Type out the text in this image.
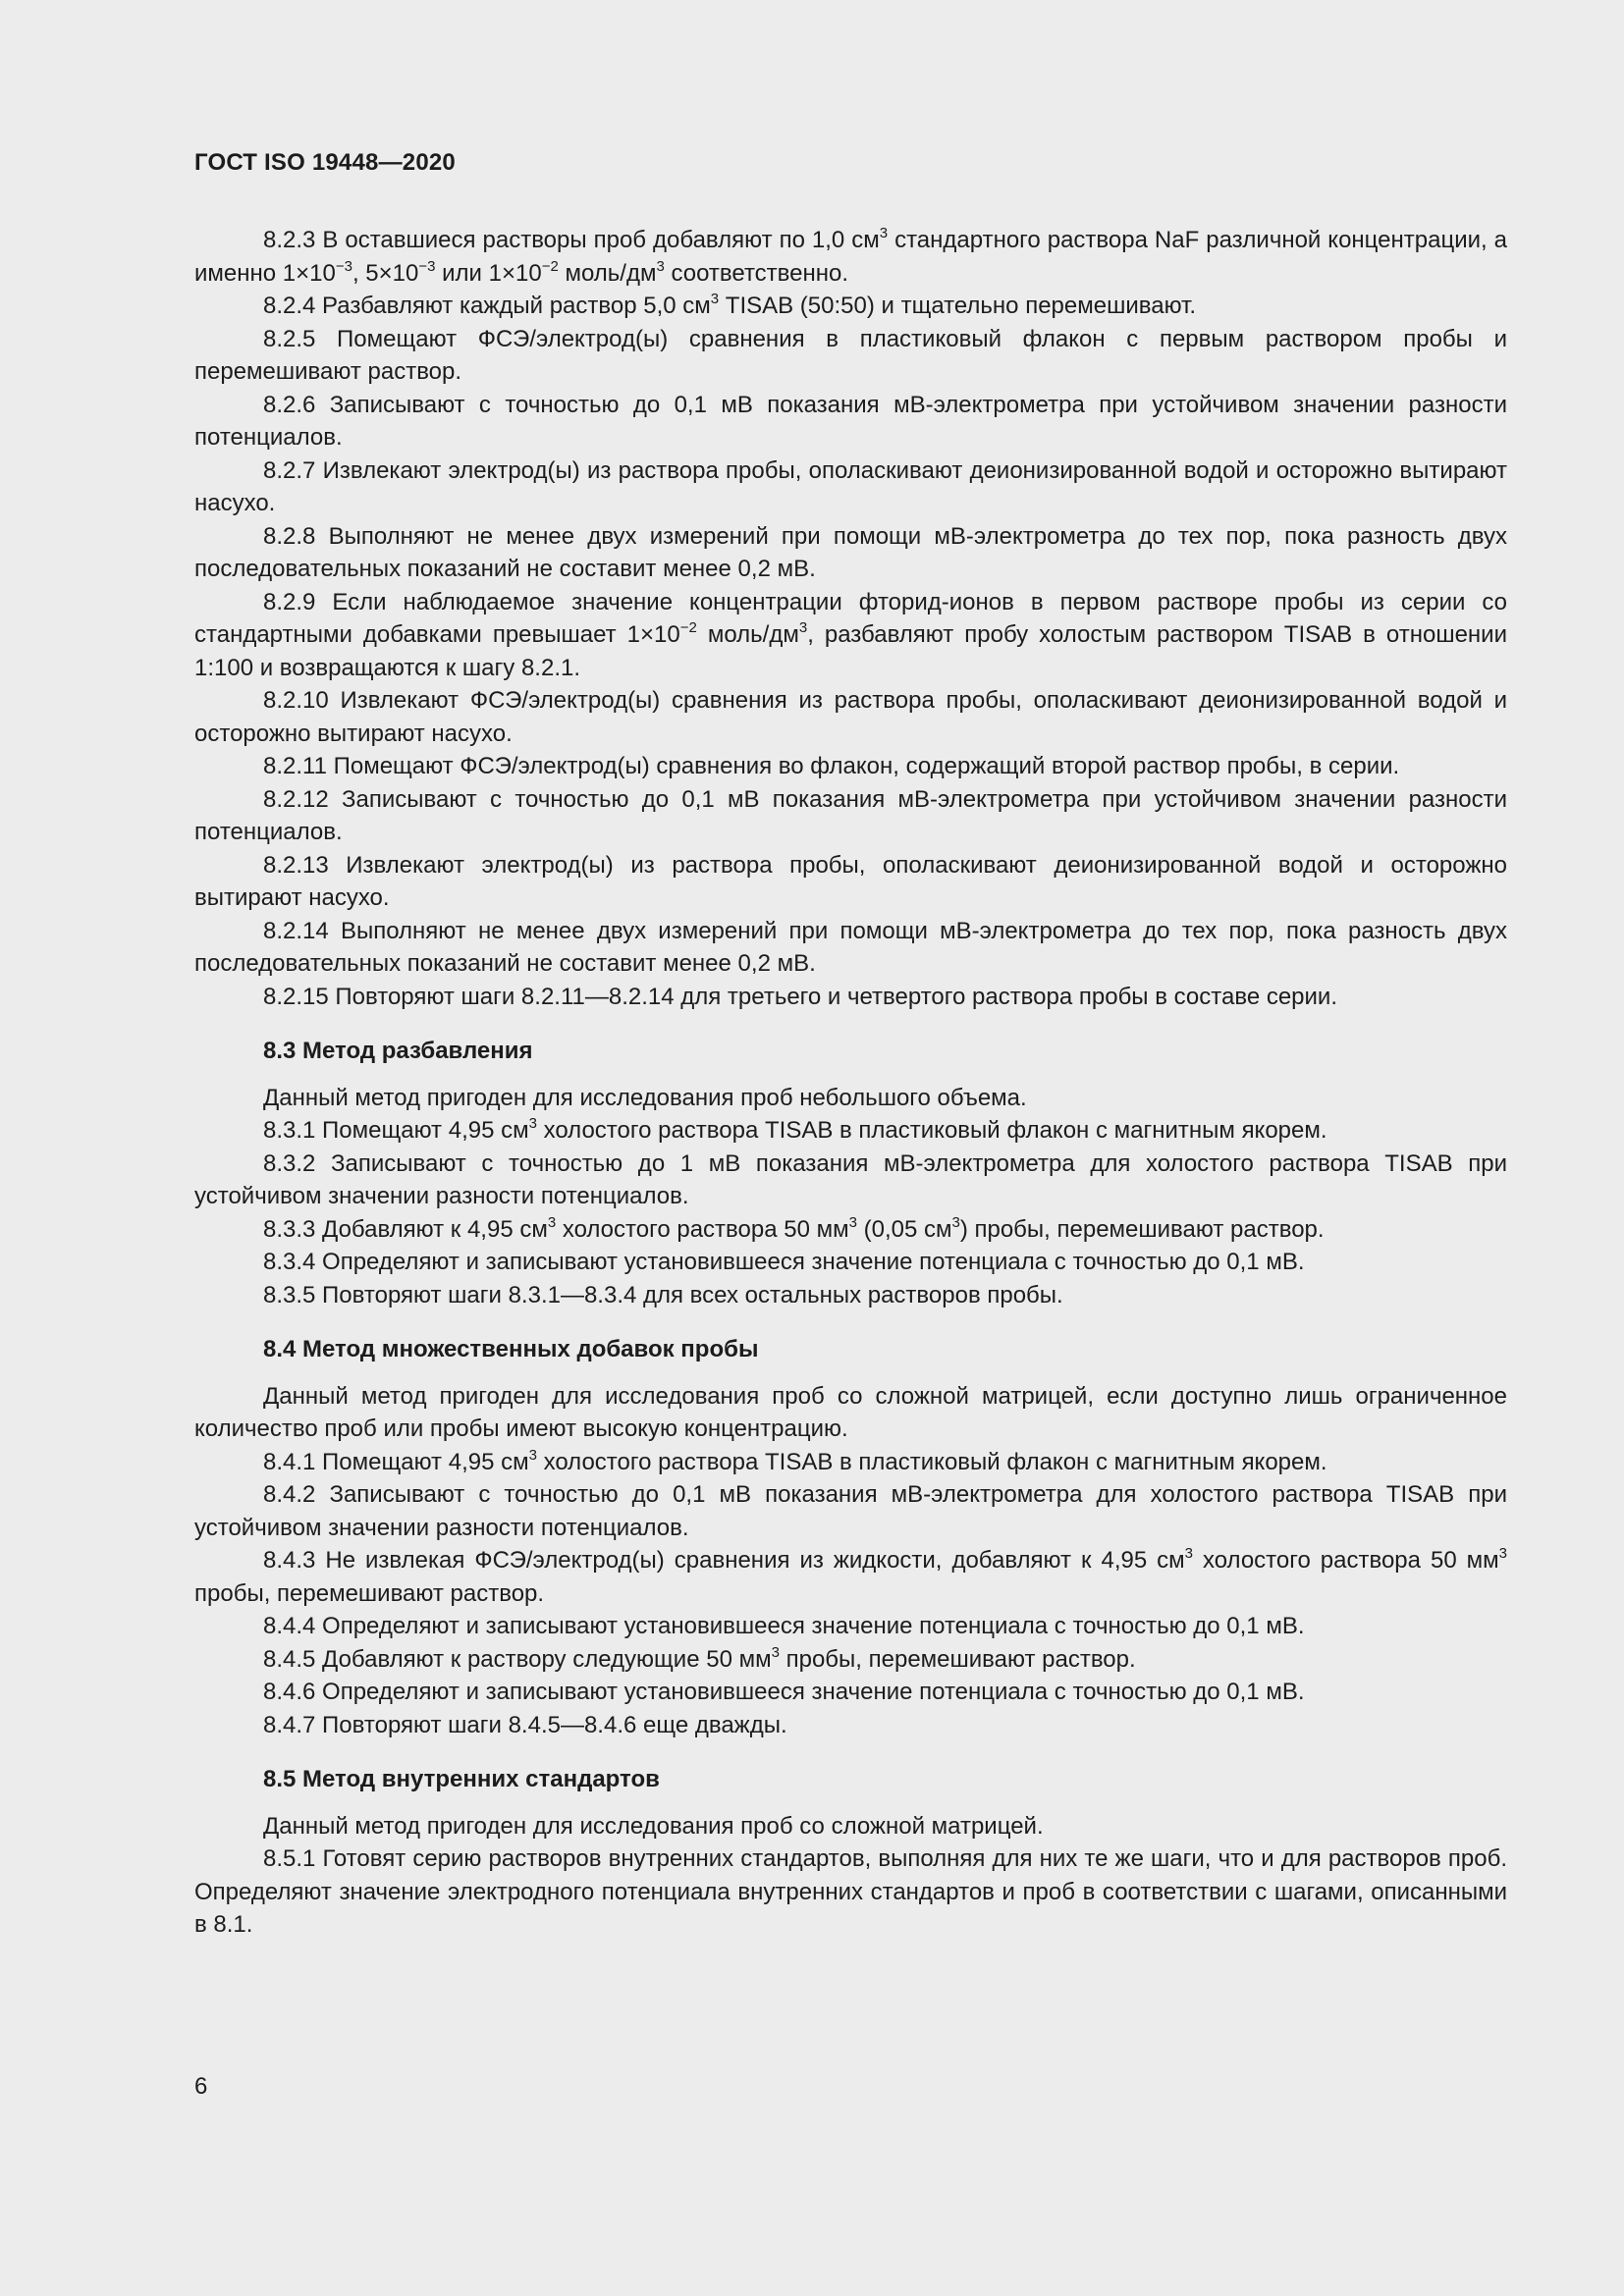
ГОСТ ISO 19448—2020

8.2.3 В оставшиеся растворы проб добавляют по 1,0 $см^3$ стандартного раствора NaF различной концентрации, а именно $1\times 10^{-3}$, $5\times 10^{-3}$ или $1\times 10^{-2}$ моль/$дм^3$ соответственно.

8.2.4 Разбавляют каждый раствор 5,0 $см^3$ TISAB (50:50) и тщательно перемешивают.

8.2.5 Помещают ФСЭ/электрод(ы) сравнения в пластиковый флакон с первым раствором пробы и перемешивают раствор.

8.2.6 Записывают с точностью до 0,1 мВ показания мВ-электрометра при устойчивом значении разности потенциалов.

8.2.7 Извлекают электрод(ы) из раствора пробы, ополаскивают деионизированной водой и осторожно вытирают насухо.

8.2.8 Выполняют не менее двух измерений при помощи мВ-электрометра до тех пор, пока разность двух последовательных показаний не составит менее 0,2 мВ.

8.2.9 Если наблюдаемое значение концентрации фторид-ионов в первом растворе пробы из серии со стандартными добавками превышает $1\times 10^{-2}$ моль/$дм^3$, разбавляют пробу холостым раствором TISAB в отношении 1:100 и возвращаются к шагу 8.2.1.

8.2.10 Извлекают ФСЭ/электрод(ы) сравнения из раствора пробы, ополаскивают деионизированной водой и осторожно вытирают насухо.

8.2.11 Помещают ФСЭ/электрод(ы) сравнения во флакон, содержащий второй раствор пробы, в серии.

8.2.12 Записывают с точностью до 0,1 мВ показания мВ-электрометра при устойчивом значении разности потенциалов.

8.2.13 Извлекают электрод(ы) из раствора пробы, ополаскивают деионизированной водой и осторожно вытирают насухо.

8.2.14 Выполняют не менее двух измерений при помощи мВ-электрометра до тех пор, пока разность двух последовательных показаний не составит менее 0,2 мВ.

8.2.15 Повторяют шаги 8.2.11—8.2.14 для третьего и четвертого раствора пробы в составе серии.

8.3 Метод разбавления

Данный метод пригоден для исследования проб небольшого объема.

8.3.1 Помещают 4,95 $см^3$ холостого раствора TISAB в пластиковый флакон с магнитным якорем.

8.3.2 Записывают с точностью до 1 мВ показания мВ-электрометра для холостого раствора TISAB при устойчивом значении разности потенциалов.

8.3.3 Добавляют к 4,95 $см^3$ холостого раствора 50 $мм^3$ (0,05 $см^3$) пробы, перемешивают раствор.

8.3.4 Определяют и записывают установившееся значение потенциала с точностью до 0,1 мВ.

8.3.5 Повторяют шаги 8.3.1—8.3.4 для всех остальных растворов пробы.

8.4 Метод множественных добавок пробы

Данный метод пригоден для исследования проб со сложной матрицей, если доступно лишь ограниченное количество проб или пробы имеют высокую концентрацию.

8.4.1 Помещают 4,95 $см^3$ холостого раствора TISAB в пластиковый флакон с магнитным якорем.

8.4.2 Записывают с точностью до 0,1 мВ показания мВ-электрометра для холостого раствора TISAB при устойчивом значении разности потенциалов.

8.4.3 Не извлекая ФСЭ/электрод(ы) сравнения из жидкости, добавляют к 4,95 $см^3$ холостого раствора 50 $мм^3$ пробы, перемешивают раствор.

8.4.4 Определяют и записывают установившееся значение потенциала с точностью до 0,1 мВ.

8.4.5 Добавляют к раствору следующие 50 $мм^3$ пробы, перемешивают раствор.

8.4.6 Определяют и записывают установившееся значение потенциала с точностью до 0,1 мВ.

8.4.7 Повторяют шаги 8.4.5—8.4.6 еще дважды.

8.5 Метод внутренних стандартов

Данный метод пригоден для исследования проб со сложной матрицей.

8.5.1 Готовят серию растворов внутренних стандартов, выполняя для них те же шаги, что и для растворов проб. Определяют значение электродного потенциала внутренних стандартов и проб в соответствии с шагами, описанными в 8.1.

6
